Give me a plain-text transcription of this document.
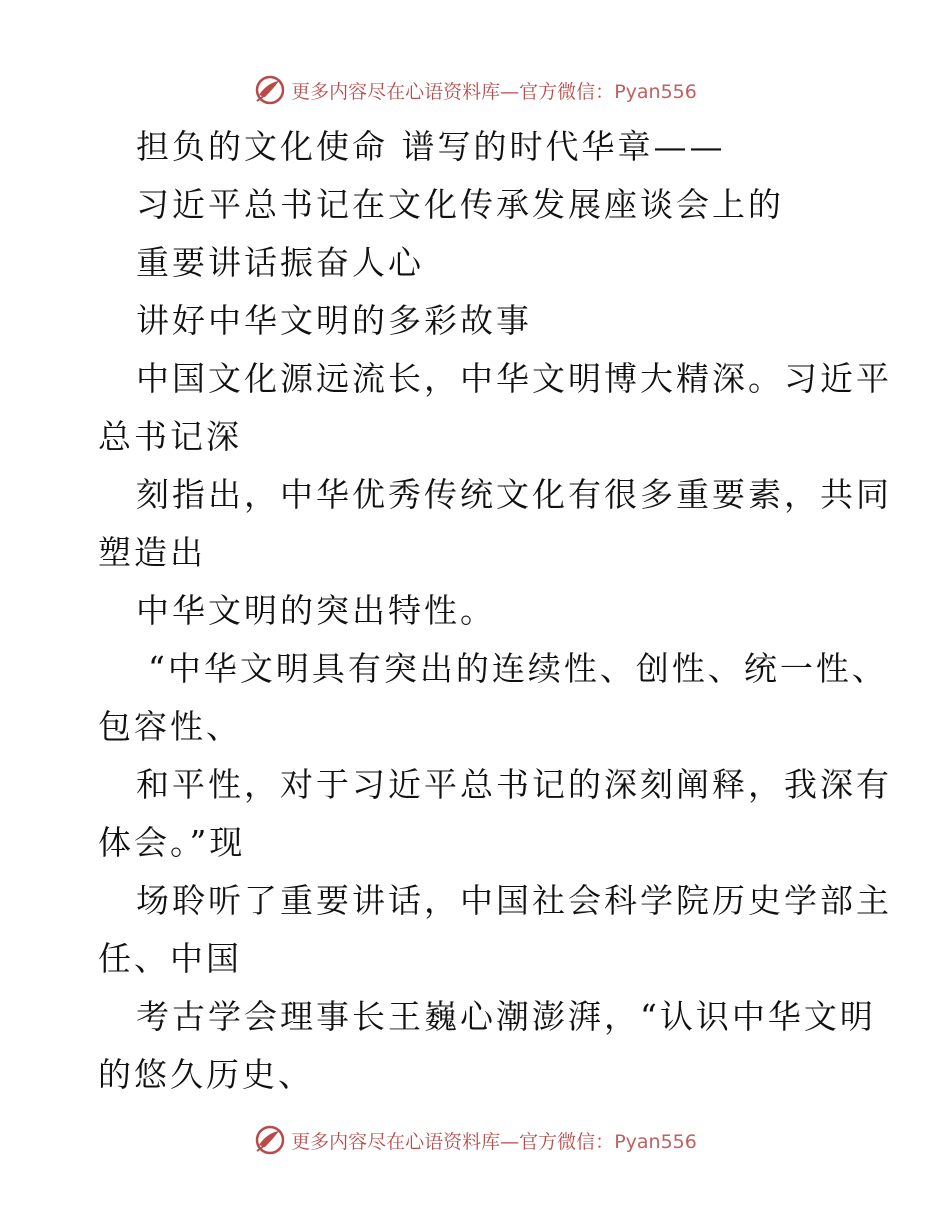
更多内容尽在心语资料库—官方微信：Pyan556
担负的文化使命 谱写的时代华章——
习近平总书记在文化传承发展座谈会上的
重要讲话振奋人心
讲好中华文明的多彩故事
中国文化源远流长，中华文明博大精深。习近平
总书记深
刻指出，中华优秀传统文化有很多重要素，共同
塑造出
中华文明的突出特性。
“中华文明具有突出的连续性、创性、统一性、
包容性、
和平性，对于习近平总书记的深刻阐释，我深有
体会。”现
场聆听了重要讲话，中国社会科学院历史学部主
任、中国
考古学会理事长王巍心潮澎湃，“认识中华文明
的悠久历史、
更多内容尽在心语资料库—官方微信：Pyan556
